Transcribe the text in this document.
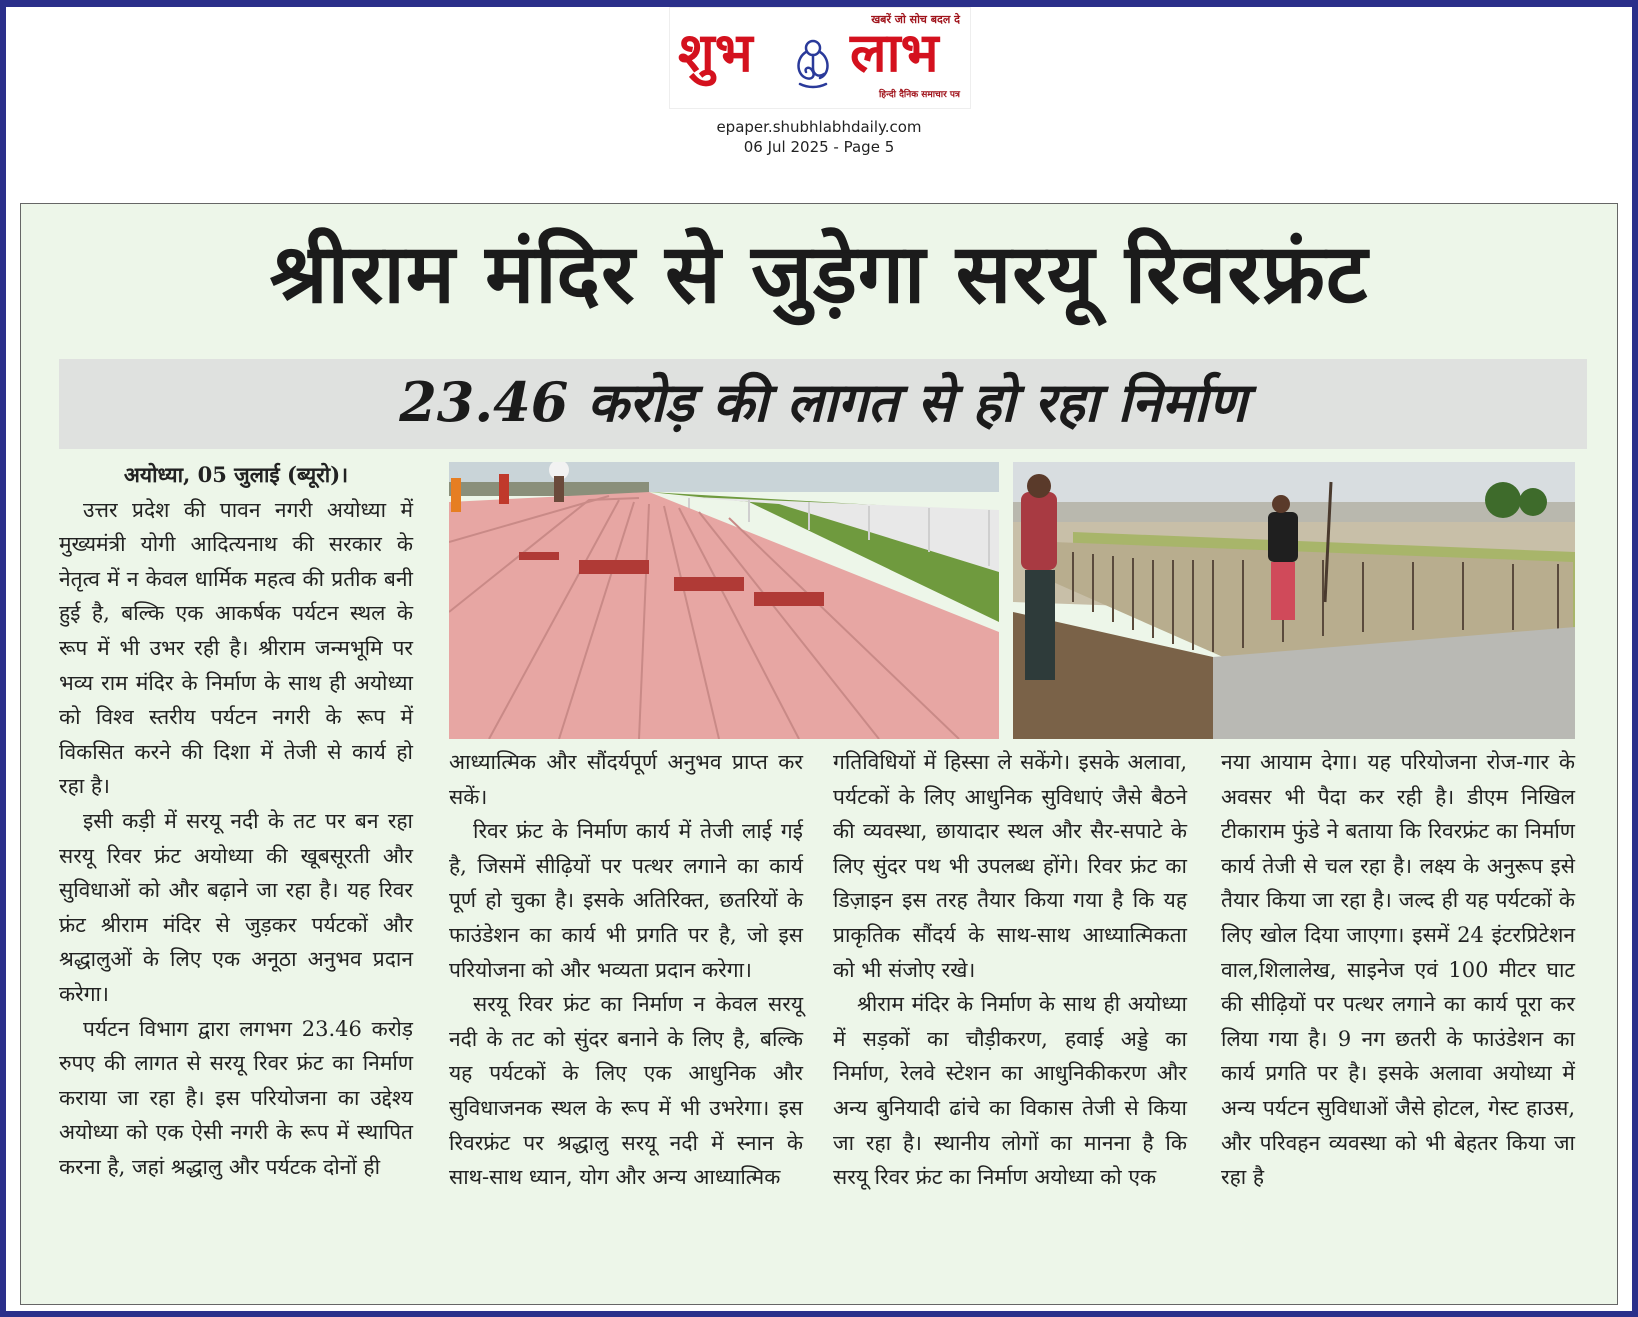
खबरें जो सोच बदल दे
शुभ लाभ
हिन्दी दैनिक समाचार पत्र
epaper.shubhlabhdaily.com
06 Jul 2025 - Page 5
श्रीराम मंदिर से जुड़ेगा सरयू रिवरफ्रंट
23.46 करोड़ की लागत से हो रहा निर्माण

अयोध्या, 05 जुलाई (ब्यूरो)।

उत्तर प्रदेश की पावन नगरी अयोध्या में मुख्यमंत्री योगी आदित्यनाथ की सरकार के नेतृत्व में न केवल धार्मिक महत्व की प्रतीक बनी हुई है, बल्कि एक आकर्षक पर्यटन स्थल के रूप में भी उभर रही है। श्रीराम जन्मभूमि पर भव्य राम मंदिर के निर्माण के साथ ही अयोध्या को विश्व स्तरीय पर्यटन नगरी के रूप में विकसित करने की दिशा में तेजी से कार्य हो रहा है।

इसी कड़ी में सरयू नदी के तट पर बन रहा सरयू रिवर फ्रंट अयोध्या की खूबसूरती और सुविधाओं को और बढ़ाने जा रहा है। यह रिवर फ्रंट श्रीराम मंदिर से जुड़कर पर्यटकों और श्रद्धालुओं के लिए एक अनूठा अनुभव प्रदान करेगा।

पर्यटन विभाग द्वारा लगभग 23.46 करोड़ रुपए की लागत से सरयू रिवर फ्रंट का निर्माण कराया जा रहा है। इस परियोजना का उद्देश्य अयोध्या को एक ऐसी नगरी के रूप में स्थापित करना है, जहां श्रद्धालु और पर्यटक दोनों ही

आध्यात्मिक और सौंदर्यपूर्ण अनुभव प्राप्त कर सकें।

रिवर फ्रंट के निर्माण कार्य में तेजी लाई गई है, जिसमें सीढ़ियों पर पत्थर लगाने का कार्य पूर्ण हो चुका है। इसके अतिरिक्त, छतरियों के फाउंडेशन का कार्य भी प्रगति पर है, जो इस परियोजना को और भव्यता प्रदान करेगा।

सरयू रिवर फ्रंट का निर्माण न केवल सरयू नदी के तट को सुंदर बनाने के लिए है, बल्कि यह पर्यटकों के लिए एक आधुनिक और सुविधाजनक स्थल के रूप में भी उभरेगा। इस रिवरफ्रंट पर श्रद्धालु सरयू नदी में स्नान के साथ-साथ ध्यान, योग और अन्य आध्यात्मिक

गतिविधियों में हिस्सा ले सकेंगे। इसके अलावा, पर्यटकों के लिए आधुनिक सुविधाएं जैसे बैठने की व्यवस्था, छायादार स्थल और सैर-सपाटे के लिए सुंदर पथ भी उपलब्ध होंगे। रिवर फ्रंट का डिज़ाइन इस तरह तैयार किया गया है कि यह प्राकृतिक सौंदर्य के साथ-साथ आध्यात्मिकता को भी संजोए रखे।

श्रीराम मंदिर के निर्माण के साथ ही अयोध्या में सड़कों का चौड़ीकरण, हवाई अड्डे का निर्माण, रेलवे स्टेशन का आधुनिकीकरण और अन्य बुनियादी ढांचे का विकास तेजी से किया जा रहा है। स्थानीय लोगों का मानना है कि सरयू रिवर फ्रंट का निर्माण अयोध्या को एक

नया आयाम देगा। यह परियोजना रोज-गार के अवसर भी पैदा कर रही है। डीएम निखिल टीकाराम फुंडे ने बताया कि रिवरफ्रंट का निर्माण कार्य तेजी से चल रहा है। लक्ष्य के अनुरूप इसे तैयार किया जा रहा है। जल्द ही यह पर्यटकों के लिए खोल दिया जाएगा। इसमें 24 इंटरप्रिटेशन वाल,शिलालेख, साइनेज एवं 100 मीटर घाट की सीढ़ियों पर पत्थर लगाने का कार्य पूरा कर लिया गया है। 9 नग छतरी के फाउंडेशन का कार्य प्रगति पर है। इसके अलावा अयोध्या में अन्य पर्यटन सुविधाओं जैसे होटल, गेस्ट हाउस, और परिवहन व्यवस्था को भी बेहतर किया जा रहा है
